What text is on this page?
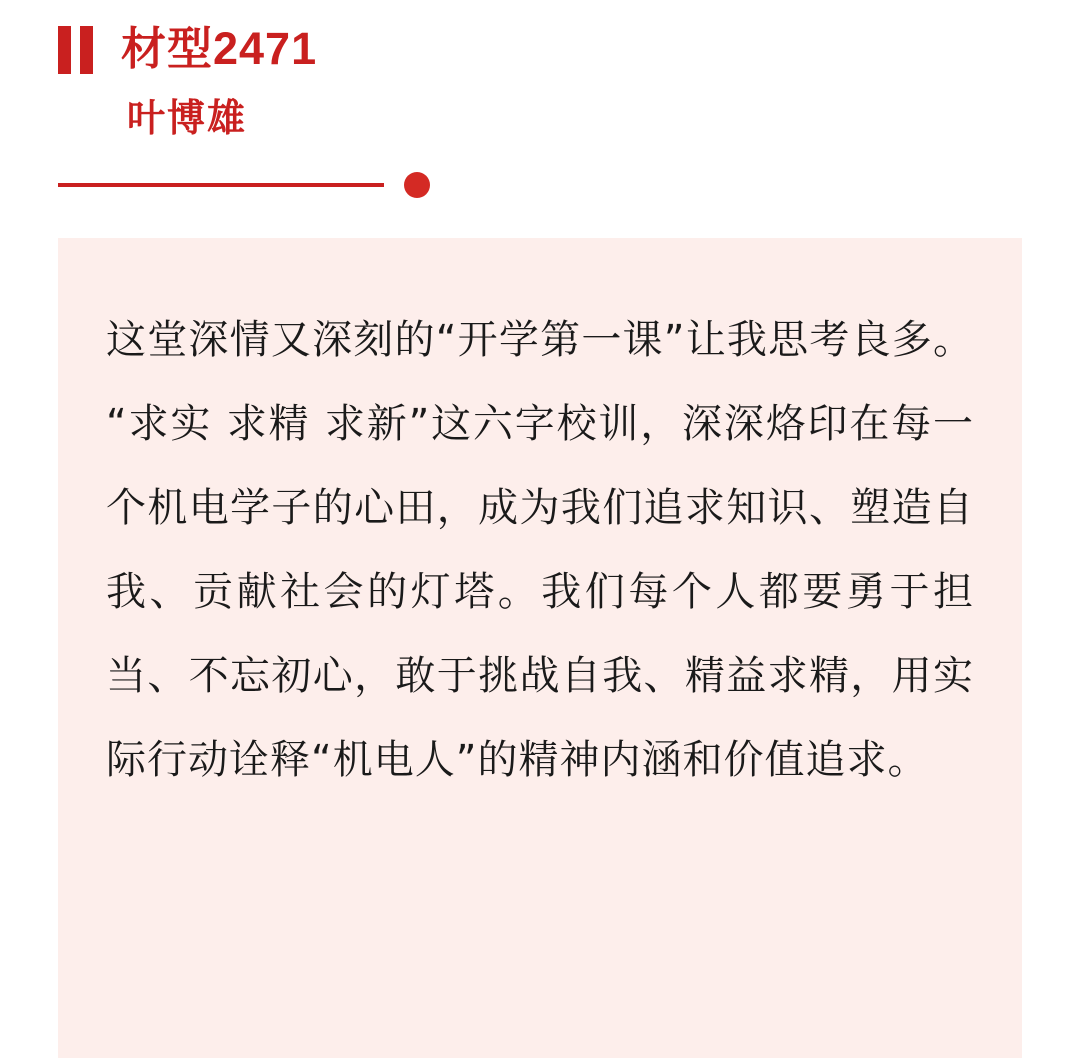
材型2471
叶博雄

这堂深情又深刻的“开学第一课”让我思考良多。“求实 求精 求新”这六字校训，深深烙印在每一个机电学子的心田，成为我们追求知识、塑造自我、贡献社会的灯塔。我们每个人都要勇于担当、不忘初心，敢于挑战自我、精益求精，用实际行动诠释“机电人”的精神内涵和价值追求。
